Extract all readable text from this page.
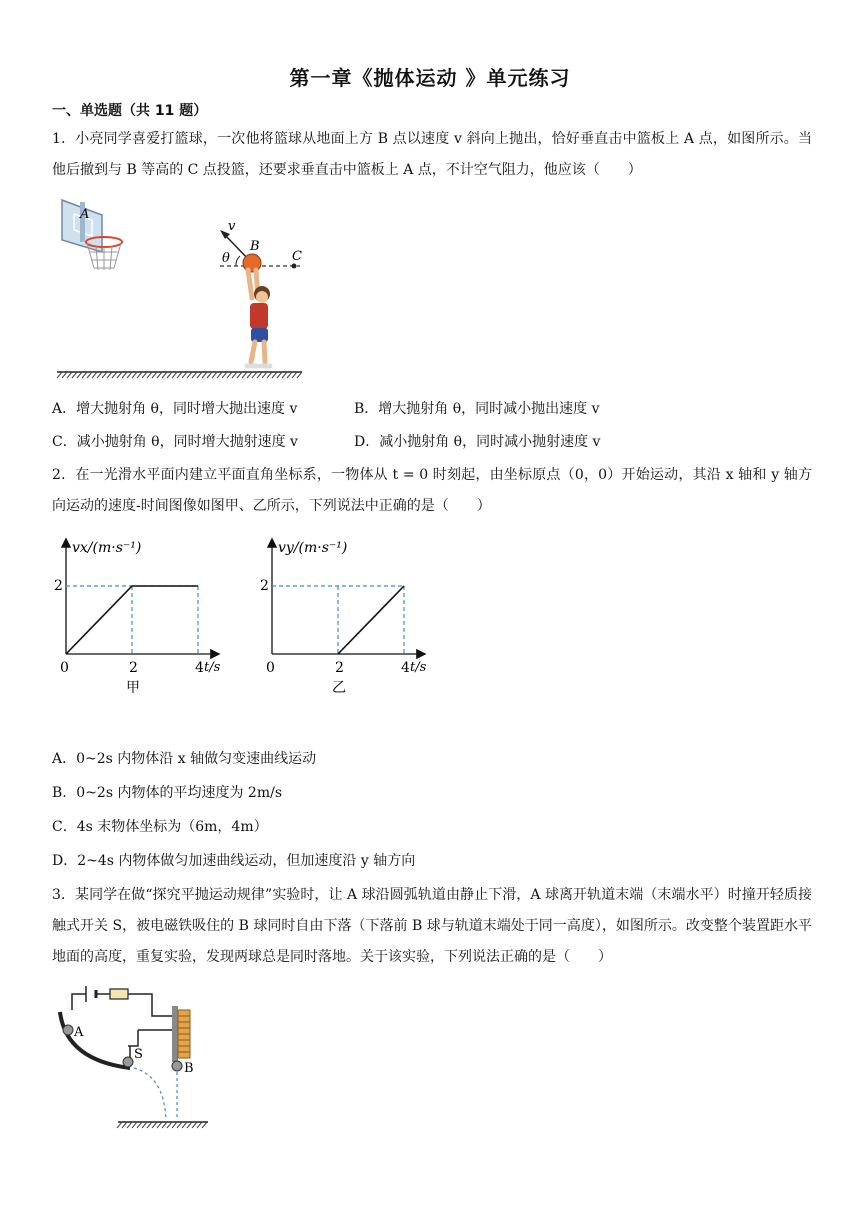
第一章《抛体运动 》单元练习
一、单选题（共 11 题）
1．小亮同学喜爱打篮球，一次他将篮球从地面上方 B 点以速度 v 斜向上抛出，恰好垂直击中篮板上 A 点，如图所示。当他后撤到与 B 等高的 C 点投篮，还要求垂直击中篮板上 A 点，不计空气阻力，他应该（　　）
A
v
θ
B
C
A．增大抛射角 θ，同时增大抛出速度 v	B．增大抛射角 θ，同时减小抛出速度 v
C．减小抛射角 θ，同时增大抛射速度 v	D．减小抛射角 θ，同时减小抛射速度 v
2．在一光滑水平面内建立平面直角坐标系，一物体从 t = 0 时刻起，由坐标原点（0，0）开始运动，其沿 x 轴和 y 轴方向运动的速度-时间图像如图甲、乙所示，下列说法中正确的是（　　）
vx/(m·s⁻¹)
t/s
2
0	2	4
甲
vy/(m·s⁻¹)
t/s
2
0	2	4
乙
A．0~2s 内物体沿 x 轴做匀变速曲线运动
B．0~2s 内物体的平均速度为 2m/s
C．4s 末物体坐标为（6m，4m）
D．2~4s 内物体做匀加速曲线运动，但加速度沿 y 轴方向
3．某同学在做“探究平抛运动规律”实验时，让 A 球沿圆弧轨道由静止下滑，A 球离开轨道末端（末端水平）时撞开轻质接触式开关 S，被电磁铁吸住的 B 球同时自由下落（下落前 B 球与轨道末端处于同一高度），如图所示。改变整个装置距水平地面的高度，重复实验，发现两球总是同时落地。关于该实验，下列说法正确的是（　　）
A
S
B
